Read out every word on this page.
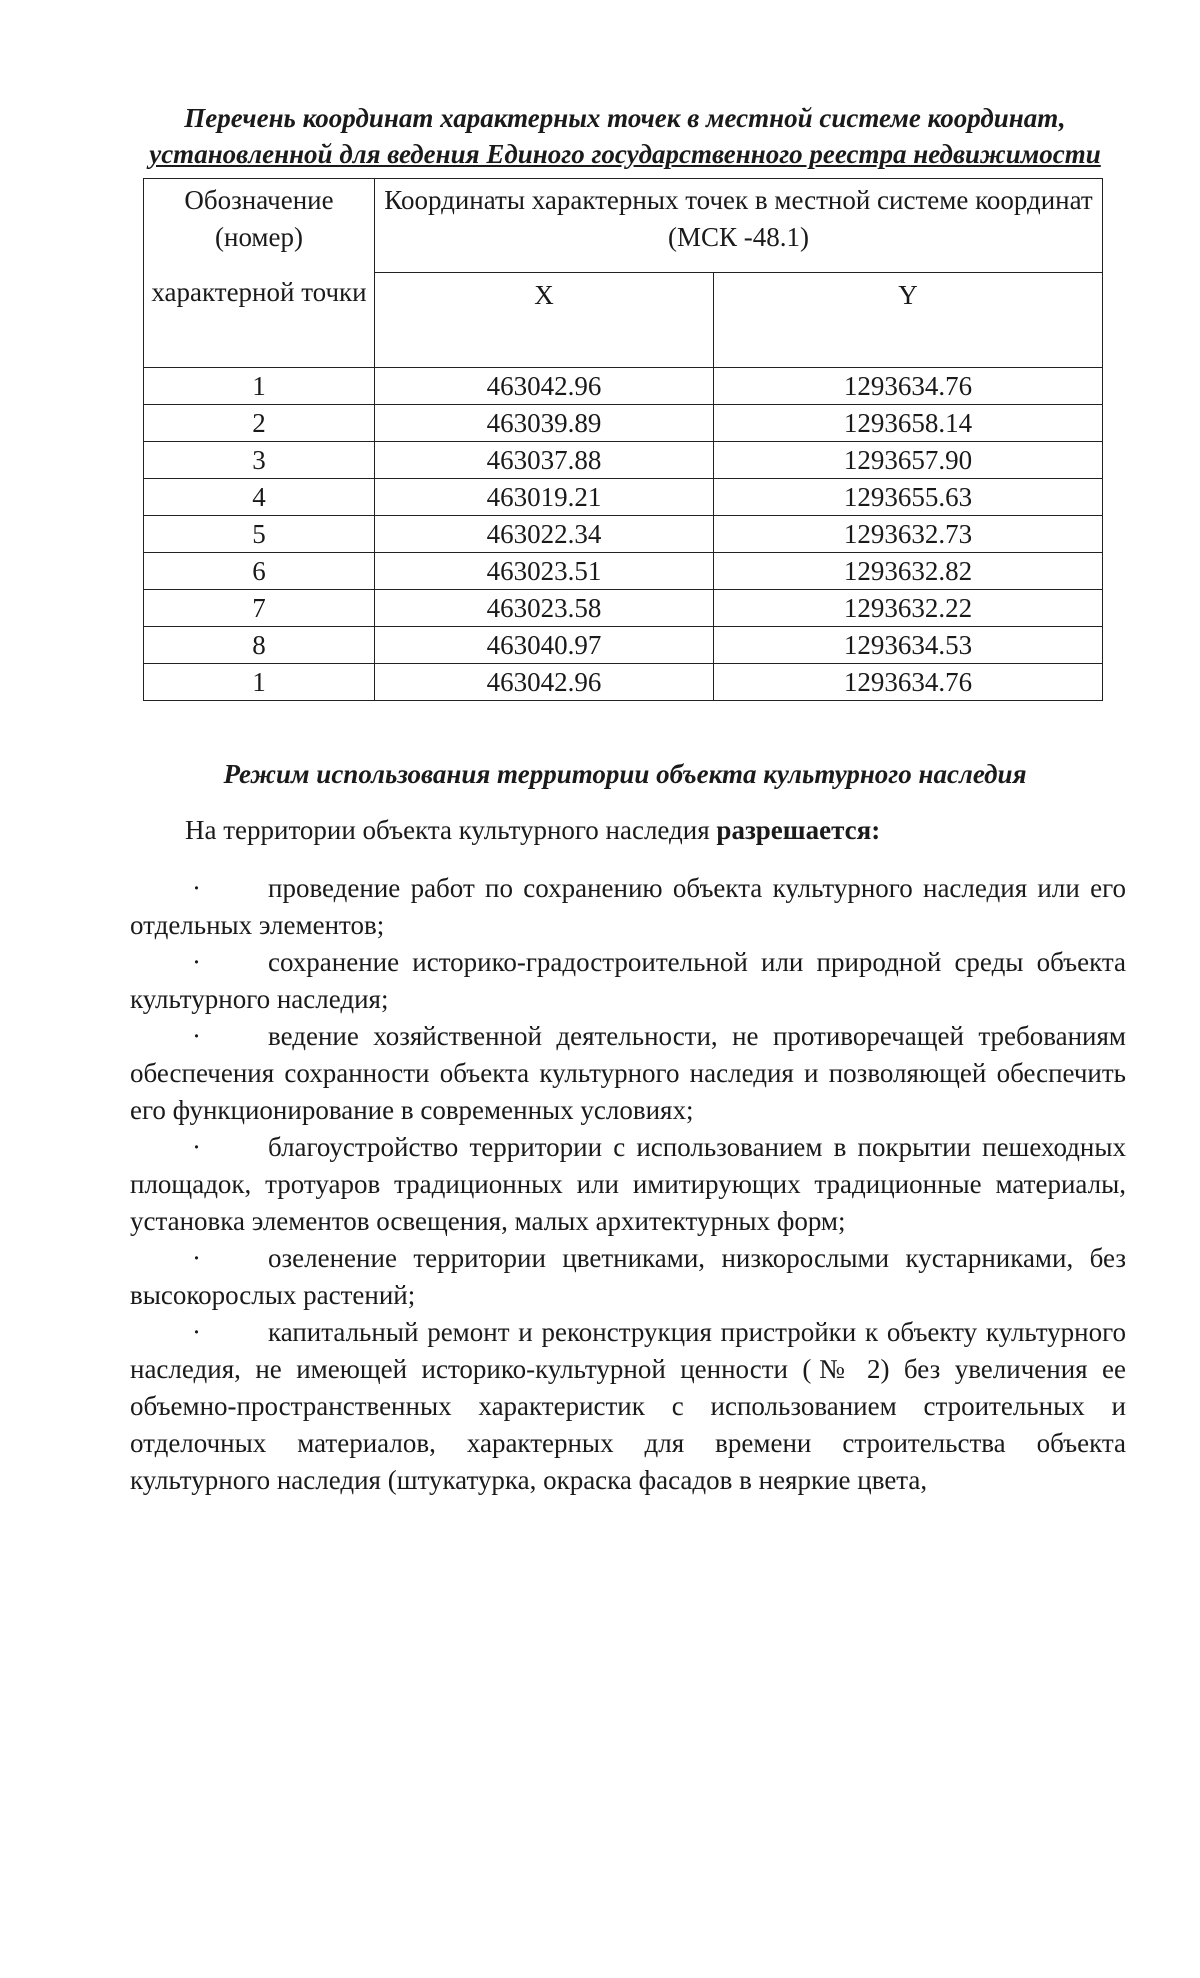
Перечень координат характерных точек в местной системе координат,
установленной для ведения Единого государственного реестра недвижимости
Обозначение (номер)	Координаты характерных точек в местной системе координат (МСК -48.1)	
характерной точки	X	Y
1	463042.96	1293634.76
2	463039.89	1293658.14
3	463037.88	1293657.90
4	463019.21	1293655.63
5	463022.34	1293632.73
6	463023.51	1293632.82
7	463023.58	1293632.22
8	463040.97	1293634.53
1	463042.96	1293634.76
Режим использования территории объекта культурного наследия
На территории объекта культурного наследия разрешается:
· проведение работ по сохранению объекта культурного наследия или его отдельных элементов;
· сохранение историко-градостроительной или природной среды объекта культурного наследия;
· ведение хозяйственной деятельности, не противоречащей требованиям обеспечения сохранности объекта культурного наследия и позволяющей обеспечить его функционирование в современных условиях;
· благоустройство территории с использованием в покрытии пешеходных площадок, тротуаров традиционных или имитирующих традиционные материалы, установка элементов освещения, малых архитектурных форм;
· озеленение территории цветниками, низкорослыми кустарниками, без высокорослых растений;
· капитальный ремонт и реконструкция пристройки к объекту культурного наследия, не имеющей историко-культурной ценности (№ 2) без увеличения ее объемно-пространственных характеристик с использованием строительных и отделочных материалов, характерных для времени строительства объекта культурного наследия (штукатурка, окраска фасадов в неяркие цвета,
